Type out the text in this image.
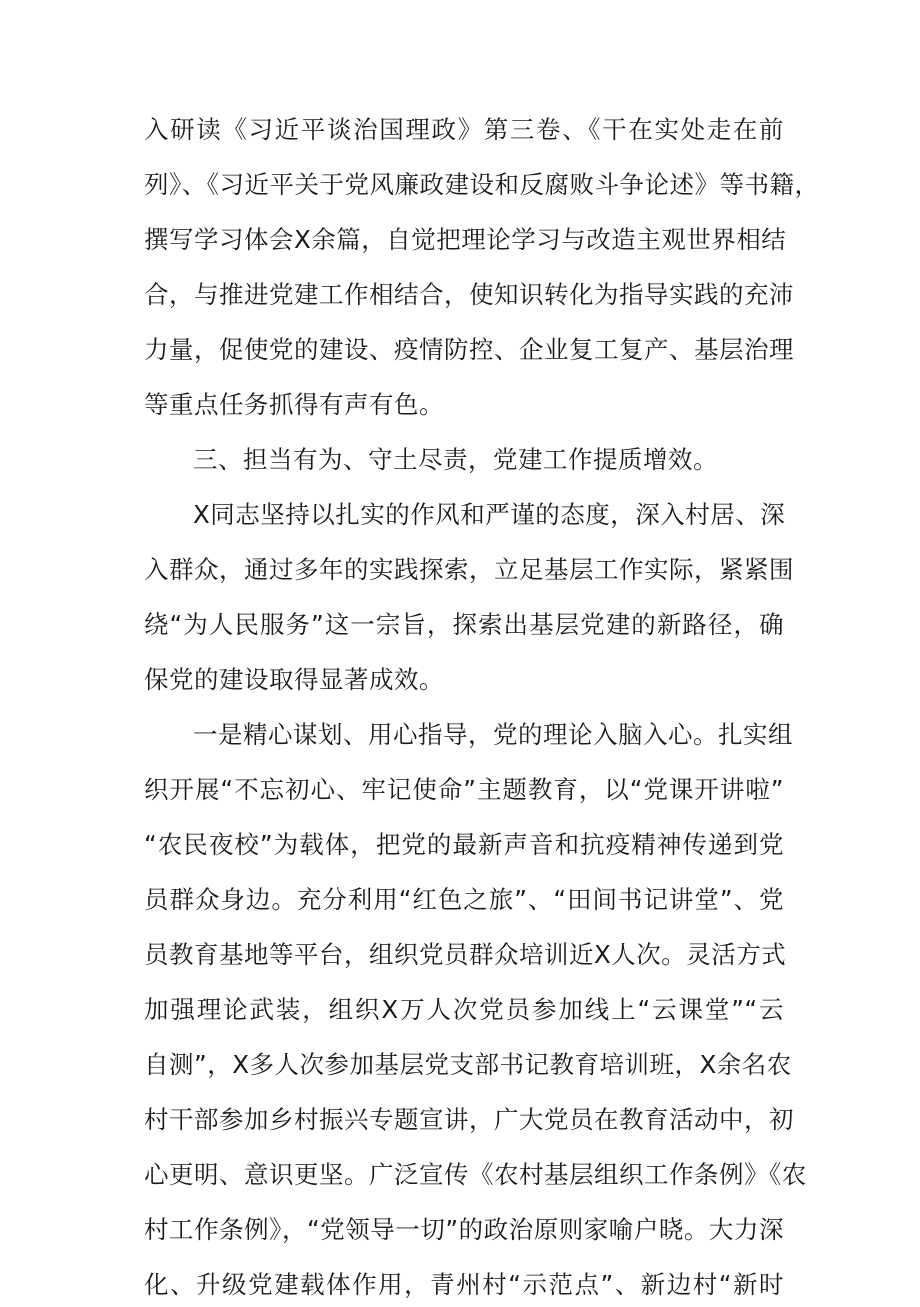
入研读《习近平谈治国理政》第三卷、《干在实处走在前
列》、《习近平关于党风廉政建设和反腐败斗争论述》等书籍，
撰写学习体会X余篇，自觉把理论学习与改造主观世界相结
合，与推进党建工作相结合，使知识转化为指导实践的充沛
力量，促使党的建设、疫情防控、企业复工复产、基层治理
等重点任务抓得有声有色。
三、担当有为、守土尽责，党建工作提质增效。
X同志坚持以扎实的作风和严谨的态度，深入村居、深
入群众，通过多年的实践探索，立足基层工作实际，紧紧围
绕“为人民服务”这一宗旨，探索出基层党建的新路径，确
保党的建设取得显著成效。
一是精心谋划、用心指导，党的理论入脑入心。扎实组
织开展“不忘初心、牢记使命”主题教育，以“党课开讲啦”
“农民夜校”为载体，把党的最新声音和抗疫精神传递到党
员群众身边。充分利用“红色之旅”、“田间书记讲堂”、党
员教育基地等平台，组织党员群众培训近X人次。灵活方式
加强理论武装，组织X万人次党员参加线上“云课堂”“云
自测”，X多人次参加基层党支部书记教育培训班，X余名农
村干部参加乡村振兴专题宣讲，广大党员在教育活动中，初
心更明、意识更坚。广泛宣传《农村基层组织工作条例》《农
村工作条例》，“党领导一切”的政治原则家喻户晓。大力深
化、升级党建载体作用，青州村“示范点”、新边村“新时
